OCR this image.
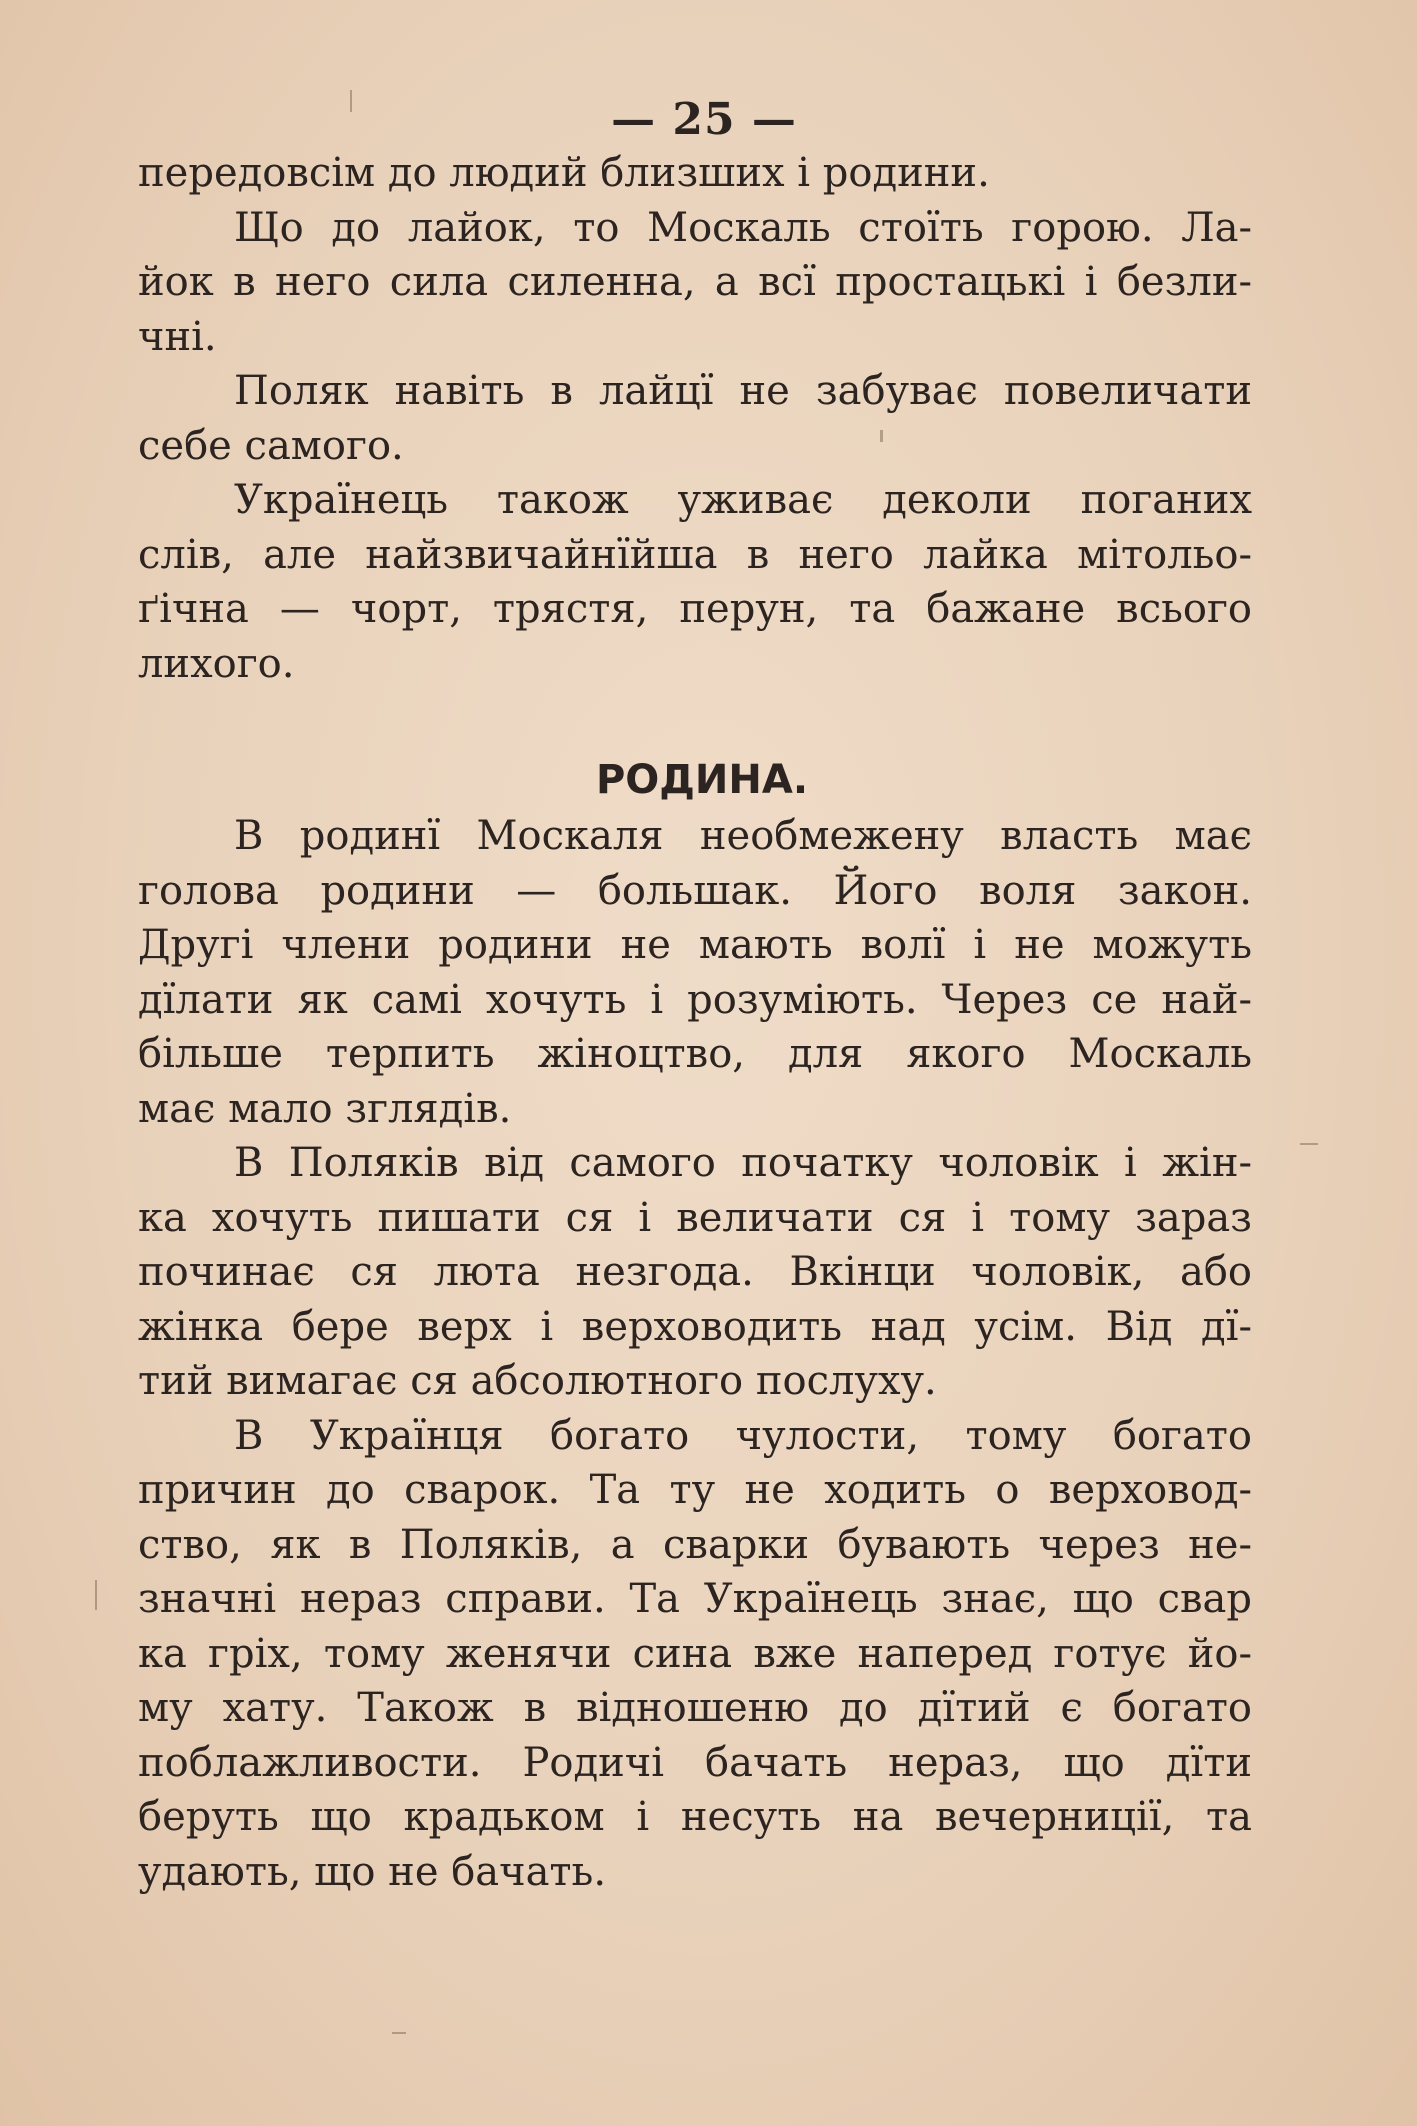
— 25 —
передовсім до людий близших і родини.
Що до лайок, то Москаль стоїть горою. Ла-
йок в него сила силенна, а всї простацькі і безли-
чні.
Поляк навіть в лайцї не забуває повеличати
себе самого.
Українець також уживає деколи поганих
слів, але найзвичайнїйша в него лайка мітольо-
ґічна — чорт, трястя, перун, та бажане всього
лихого.
РОДИНА.
В родинї Москаля необмежену власть має
голова родини — большак. Його воля закон.
Другі члени родини не мають волї і не можуть
дїлати як самі хочуть і розуміють. Через се най-
більше терпить жіноцтво, для якого Москаль
має мало зглядів.
В Поляків від самого початку чоловік і жін-
ка хочуть пишати ся і величати ся і тому зараз
починає ся люта незгода. Вкінци чоловік, або
жінка бере верх і верховодить над усім. Від дї-
тий вимагає ся абсолютного послуху.
В Українця богато чулости, тому богато
причин до сварок. Та ту не ходить о верховод-
ство, як в Поляків, а сварки бувають через не-
значні нераз справи. Та Українець знає, що свар
ка гріх, тому женячи сина вже наперед готує йо-
му хату. Також в відношеню до дїтий є богато
поблажливости. Родичі бачать нераз, що дїти
беруть що крадьком і несуть на вечерниції, та
удають, що не бачать.
